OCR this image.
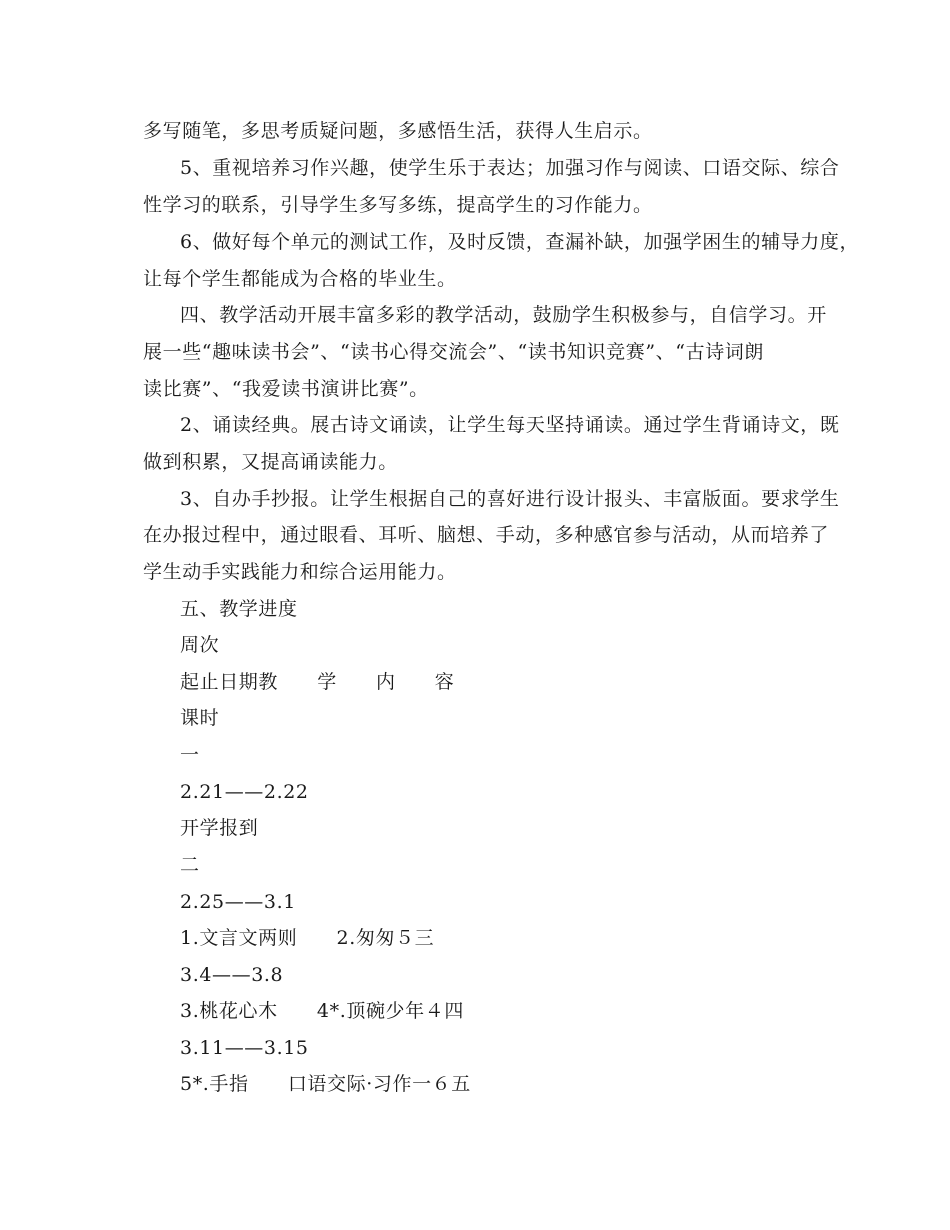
多写随笔，多思考质疑问题，多感悟生活，获得人生启示。
5、重视培养习作兴趣，使学生乐于表达；加强习作与阅读、口语交际、综合
性学习的联系，引导学生多写多练，提高学生的习作能力。
6、做好每个单元的测试工作，及时反馈，查漏补缺，加强学困生的辅导力度，
让每个学生都能成为合格的毕业生。
四、教学活动开展丰富多彩的教学活动，鼓励学生积极参与，自信学习。开
展一些“趣味读书会”、“读书心得交流会”、“读书知识竞赛”、“古诗词朗
读比赛”、“我爱读书演讲比赛”。
2、诵读经典。展古诗文诵读，让学生每天坚持诵读。通过学生背诵诗文，既
做到积累，又提高诵读能力。
3、自办手抄报。让学生根据自己的喜好进行设计报头、丰富版面。要求学生
在办报过程中，通过眼看、耳听、脑想、手动，多种感官参与活动，从而培养了
学生动手实践能力和综合运用能力。
五、教学进度
周次
起止日期教　　学　　内　　容
课时
一
2.21——2.22
开学报到
二
2.25——3.1
1.文言文两则　　2.匆匆５三
3.4——3.8
3.桃花心木　　4*.顶碗少年４四
3.11——3.15
5*.手指　　口语交际·习作一６五
